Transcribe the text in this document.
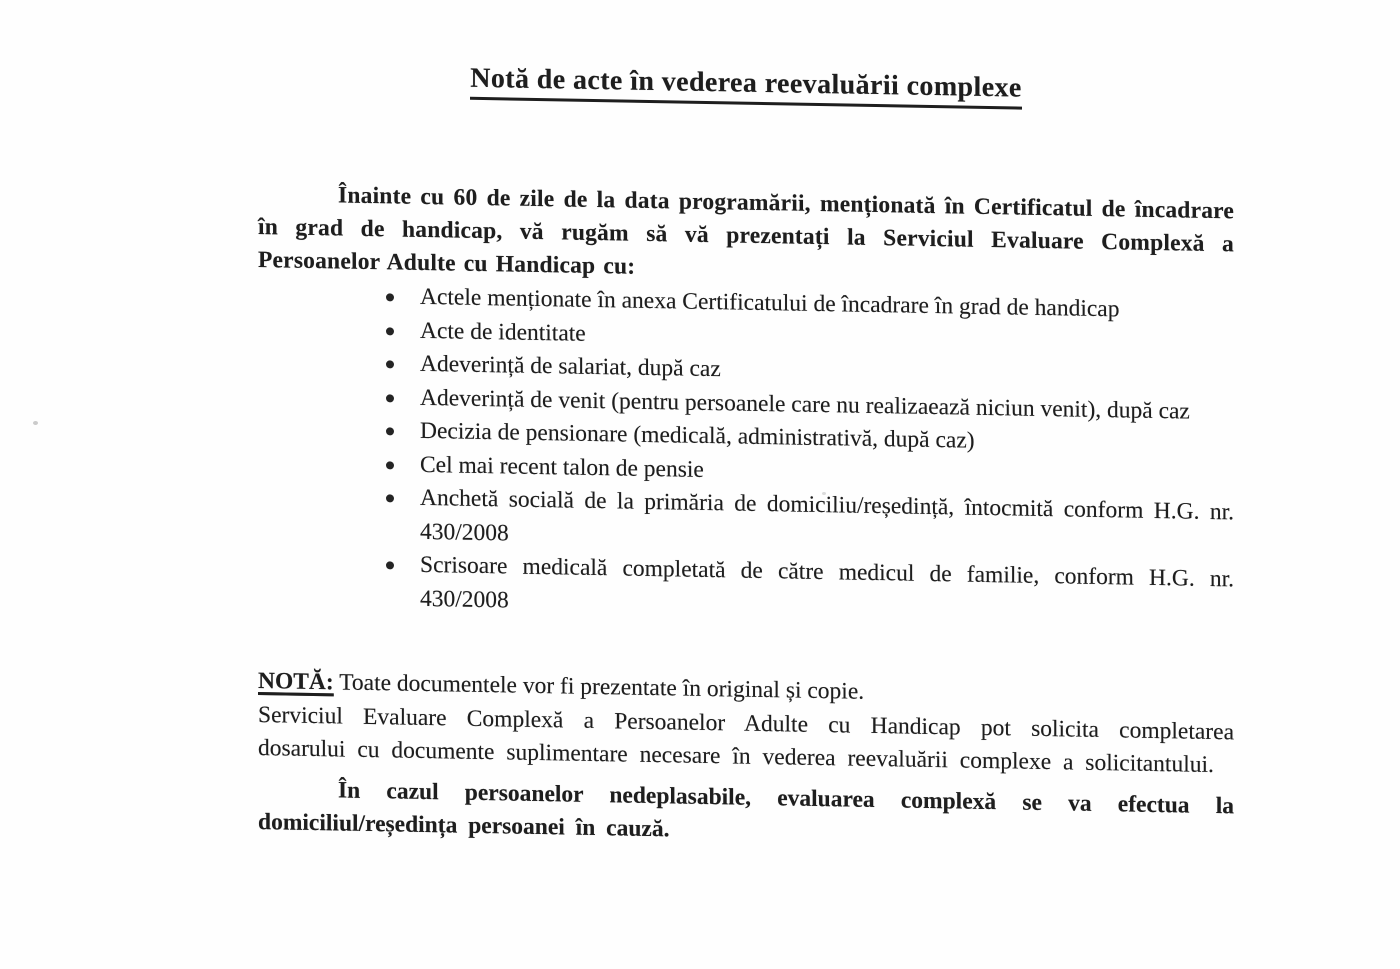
Notă de acte în vederea reevaluării complexe

Înainte cu 60 de zile de la data programării, menționată în Certificatul de încadrare în grad de handicap, vă rugăm să vă prezentați la Serviciul Evaluare Complexă a Persoanelor Adulte cu Handicap cu:

Actele menționate în anexa Certificatului de încadrare în grad de handicap
Acte de identitate
Adeverință de salariat, după caz
Adeverință de venit (pentru persoanele care nu realizaează niciun venit), după caz
Decizia de pensionare (medicală, administrativă, după caz)
Cel mai recent talon de pensie
Anchetă socială de la primăria de domiciliu/reședință, întocmită conform H.G. nr. 430/2008
Scrisoare medicală completată de către medicul de familie, conform H.G. nr. 430/2008

NOTĂ: Toate documentele vor fi prezentate în original și copie.

Serviciul Evaluare Complexă a Persoanelor Adulte cu Handicap pot solicita completarea dosarului cu documente suplimentare necesare în vederea reevaluării complexe a solicitantului.

În cazul persoanelor nedeplasabile, evaluarea complexă se va efectua la domiciliul/reședința persoanei în cauză.
